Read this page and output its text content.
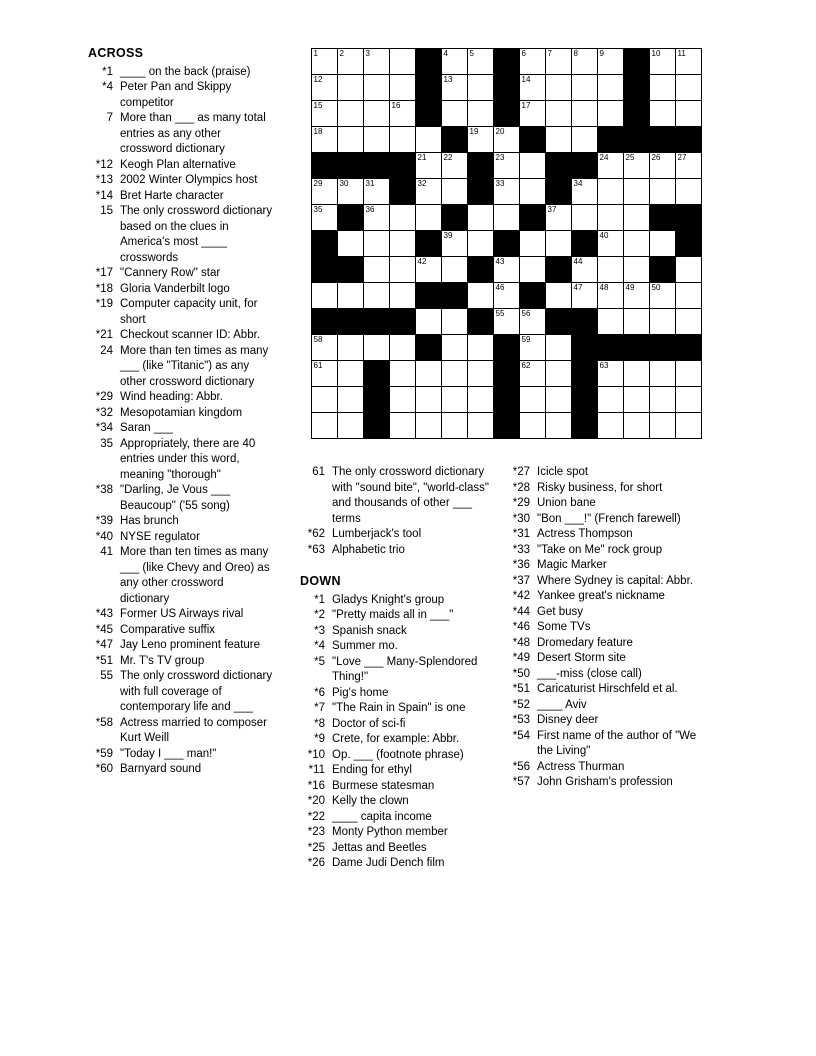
ACROSS
*1 ____ on the back (praise)
*4 Peter Pan and Skippy competitor
7 More than ___ as many total entries as any other crossword dictionary
*12 Keogh Plan alternative
*13 2002 Winter Olympics host
*14 Bret Harte character
15 The only crossword dictionary based on the clues in America's most ____ crosswords
*17 "Cannery Row" star
*18 Gloria Vanderbilt logo
*19 Computer capacity unit, for short
*21 Checkout scanner ID: Abbr.
24 More than ten times as many ___ (like "Titanic") as any other crossword dictionary
*29 Wind heading: Abbr.
*32 Mesopotamian kingdom
*34 Saran ___
35 Appropriately, there are 40 entries under this word, meaning "thorough"
*38 "Darling, Je Vous ___ Beaucoup" ('55 song)
*39 Has brunch
*40 NYSE regulator
41 More than ten times as many ___ (like Chevy and Oreo) as any other crossword dictionary
*43 Former US Airways rival
*45 Comparative suffix
*47 Jay Leno prominent feature
*51 Mr. T's TV group
55 The only crossword dictionary with full coverage of contemporary life and ___
*58 Actress married to composer Kurt Weill
*59 "Today I ___ man!"
*60 Barnyard sound
61 The only crossword dictionary with "sound bite", "world-class" and thousands of other ___ terms
*62 Lumberjack's tool
*63 Alphabetic trio
DOWN
*1 Gladys Knight's group
*2 "Pretty maids all in ___"
*3 Spanish snack
*4 Summer mo.
*5 "Love ___ Many-Splendored Thing!"
*6 Pig's home
*7 "The Rain in Spain" is one
*8 Doctor of sci-fi
*9 Crete, for example: Abbr.
*10 Op. ___ (footnote phrase)
*11 Ending for ethyl
*16 Burmese statesman
*20 Kelly the clown
*22 ____ capita income
*23 Monty Python member
*25 Jettas and Beetles
*26 Dame Judi Dench film
*27 Icicle spot
*28 Risky business, for short
*29 Union bane
*30 "Bon ___!" (French farewell)
*31 Actress Thompson
*33 "Take on Me" rock group
*36 Magic Marker
*37 Where Sydney is capital: Abbr.
*42 Yankee great's nickname
*44 Get busy
*46 Some TVs
*48 Dromedary feature
*49 Desert Storm site
*50 ___-miss (close call)
*51 Caricaturist Hirschfeld et al.
*52 ____ Aviv
*53 Disney deer
*54 First name of the author of "We the Living"
*56 Actress Thurman
*57 John Grisham's profession
1	2	3	4	5	6	7	8	9	10 11
12	13	14
15	16	17
18	19 20
21 22	23	24 25 26 27
29 30 31	32	33	34
35	36	37
39	40
42	43	44
46	47 48 49 50
55 56
58	59
61	62	63
